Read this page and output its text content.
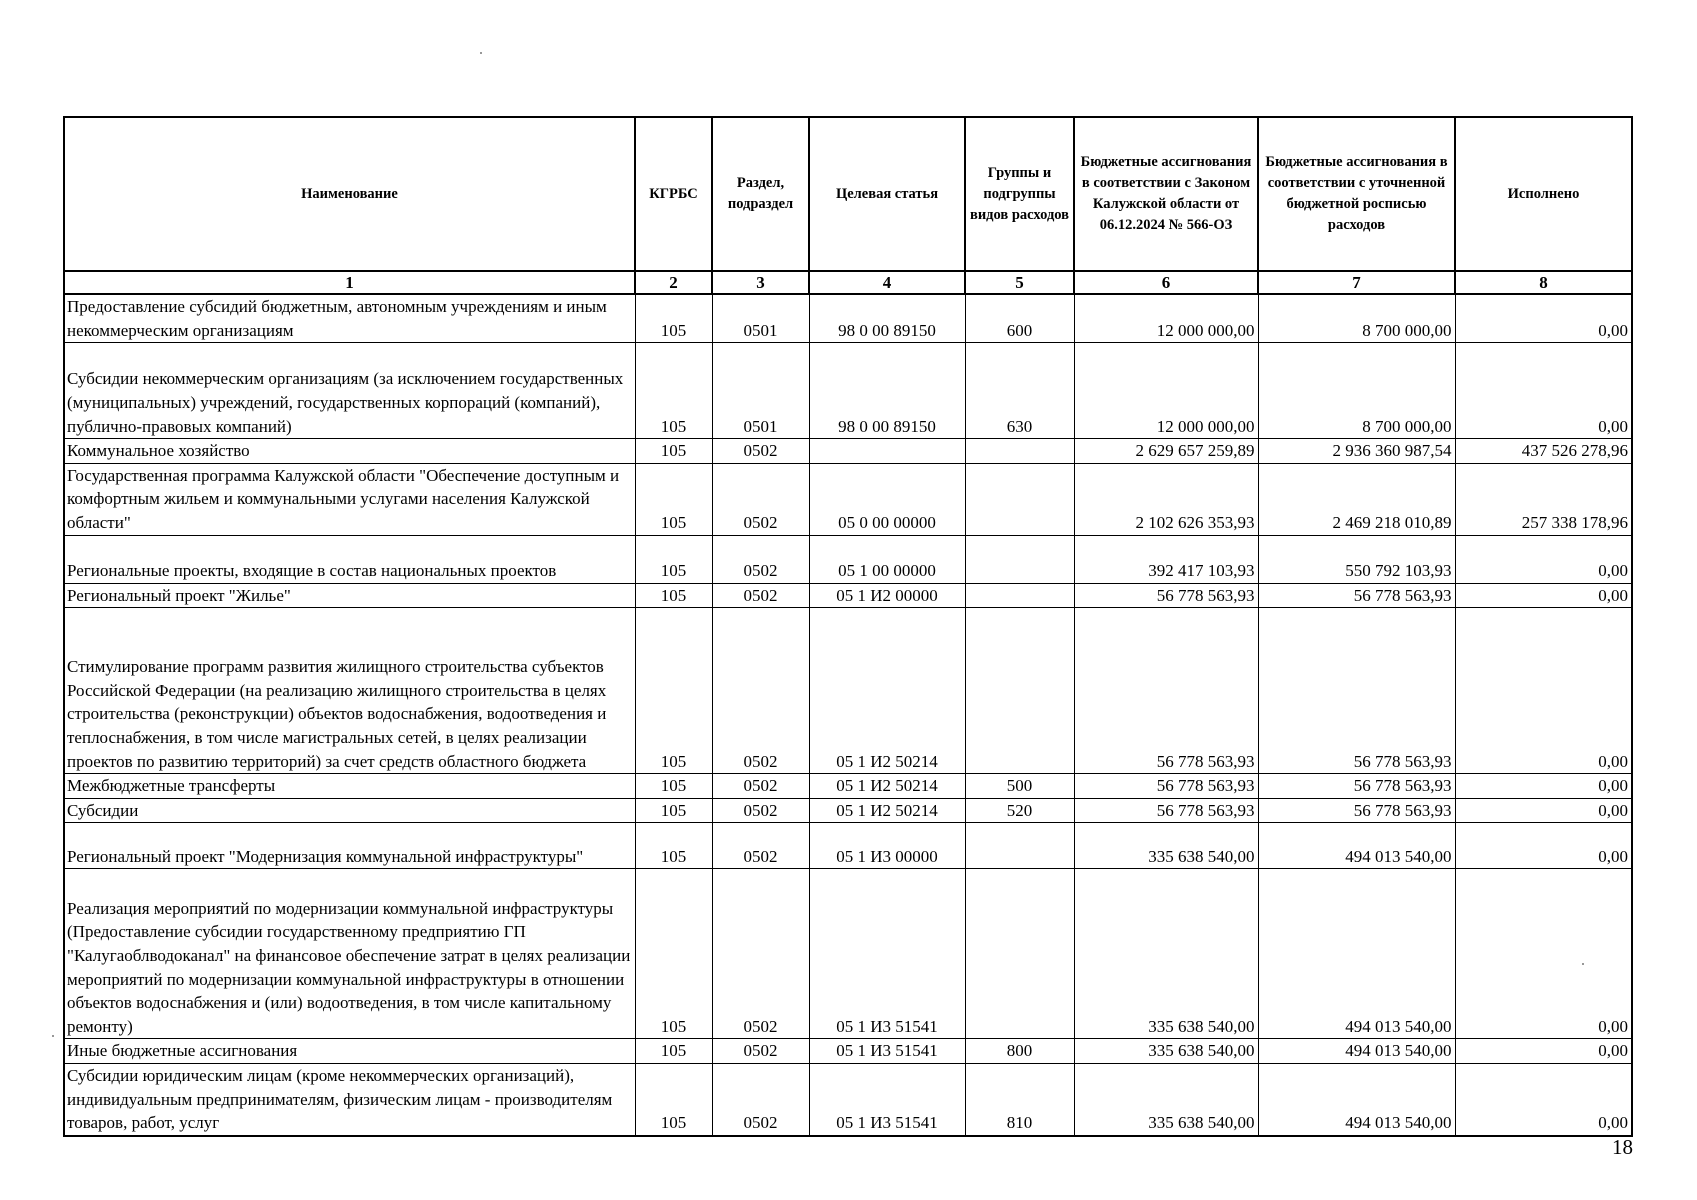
Наименование	КГРБС	Раздел, подраздел	Целевая статья	Группы и подгруппы видов расходов	Бюджетные ассигнования в соответствии с Законом Калужской области от 06.12.2024 № 566-ОЗ	Бюджетные ассигнования в соответствии с уточненной бюджетной росписью расходов	Исполнено
1	2	3	4	5	6	7	8
Предоставление субсидий бюджетным, автономным учреждениям и иным некоммерческим организациям	105	0501	98 0 00 89150	600	12 000 000,00	8 700 000,00	0,00
Субсидии некоммерческим организациям (за исключением государственных (муниципальных) учреждений, государственных корпораций (компаний), публично-правовых компаний)	105	0501	98 0 00 89150	630	12 000 000,00	8 700 000,00	0,00
Коммунальное хозяйство	105	0502			2 629 657 259,89	2 936 360 987,54	437 526 278,96
Государственная программа Калужской области "Обеспечение доступным и комфортным жильем и коммунальными услугами населения Калужской области"	105	0502	05 0 00 00000		2 102 626 353,93	2 469 218 010,89	257 338 178,96
Региональные проекты, входящие в состав национальных проектов	105	0502	05 1 00 00000		392 417 103,93	550 792 103,93	0,00
Региональный проект "Жилье"	105	0502	05 1 И2 00000		56 778 563,93	56 778 563,93	0,00
Стимулирование программ развития жилищного строительства субъектов Российской Федерации (на реализацию жилищного строительства в целях строительства (реконструкции) объектов водоснабжения, водоотведения и теплоснабжения, в том числе магистральных сетей, в целях реализации проектов по развитию территорий) за счет средств областного бюджета	105	0502	05 1 И2 50214		56 778 563,93	56 778 563,93	0,00
Межбюджетные трансферты	105	0502	05 1 И2 50214	500	56 778 563,93	56 778 563,93	0,00
Субсидии	105	0502	05 1 И2 50214	520	56 778 563,93	56 778 563,93	0,00
Региональный проект "Модернизация коммунальной инфраструктуры"	105	0502	05 1 И3 00000		335 638 540,00	494 013 540,00	0,00
Реализация мероприятий по модернизации коммунальной инфраструктуры (Предоставление субсидии государственному предприятию ГП "Калугаоблводоканал" на финансовое обеспечение затрат в целях реализации мероприятий по модернизации коммунальной инфраструктуры в отношении объектов водоснабжения и (или) водоотведения, в том числе капитальному ремонту)	105	0502	05 1 И3 51541		335 638 540,00	494 013 540,00	0,00
Иные бюджетные ассигнования	105	0502	05 1 И3 51541	800	335 638 540,00	494 013 540,00	0,00
Субсидии юридическим лицам (кроме некоммерческих организаций), индивидуальным предпринимателям, физическим лицам - производителям товаров, работ, услуг	105	0502	05 1 И3 51541	810	335 638 540,00	494 013 540,00	0,00
18
